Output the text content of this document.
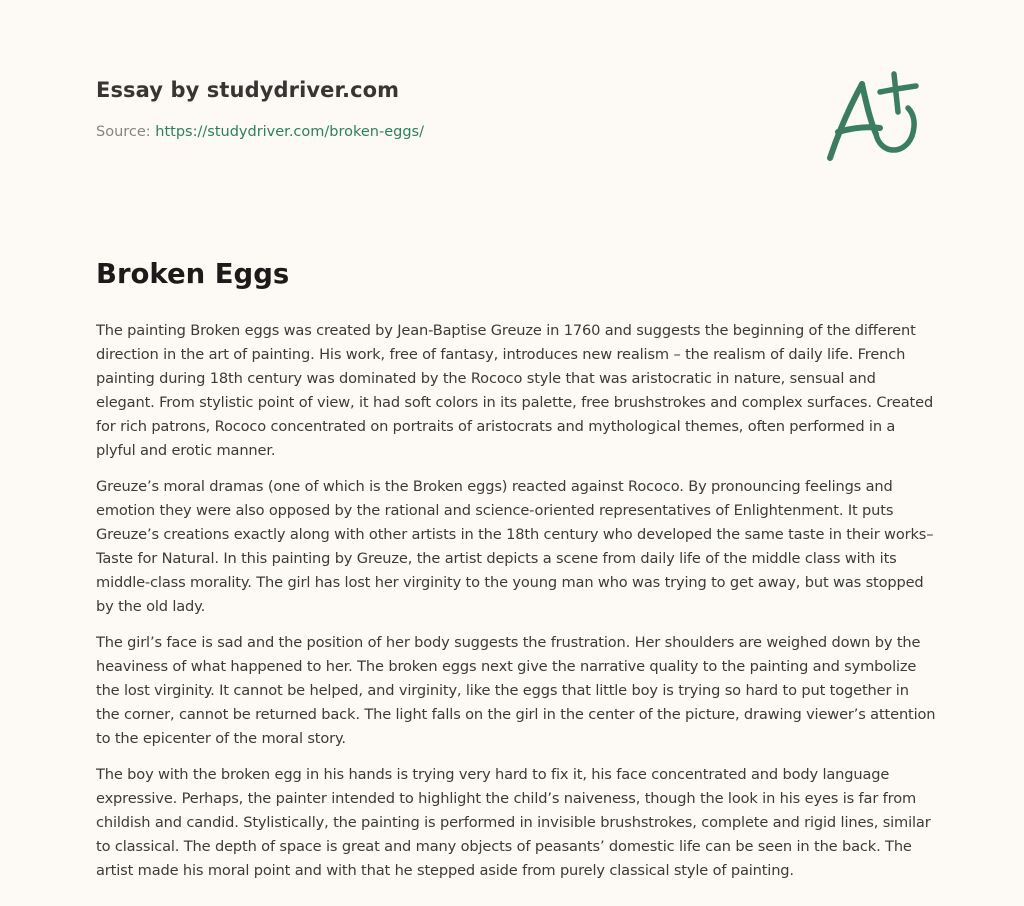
Essay by studydriver.com
Source: https://studydriver.com/broken-eggs/
Broken Eggs

The painting Broken eggs was created by Jean-Baptise Greuze in 1760 and suggests the beginning of the different direction in the art of painting. His work, free of fantasy, introduces new realism – the realism of daily life. French painting during 18th century was dominated by the Rococo style that was aristocratic in nature, sensual and elegant. From stylistic point of view, it had soft colors in its palette, free brushstrokes and complex surfaces. Created for rich patrons, Rococo concentrated on portraits of aristocrats and mythological themes, often performed in a plyful and erotic manner.

Greuze’s moral dramas (one of which is the Broken eggs) reacted against Rococo. By pronouncing feelings and emotion they were also opposed by the rational and science-oriented representatives of Enlightenment. It puts Greuze’s creations exactly along with other artists in the 18th century who developed the same taste in their works– Taste for Natural. In this painting by Greuze, the artist depicts a scene from daily life of the middle class with its middle-class morality. The girl has lost her virginity to the young man who was trying to get away, but was stopped by the old lady.

The girl’s face is sad and the position of her body suggests the frustration. Her shoulders are weighed down by the heaviness of what happened to her. The broken eggs next give the narrative quality to the painting and symbolize the lost virginity. It cannot be helped, and virginity, like the eggs that little boy is trying so hard to put together in the corner, cannot be returned back. The light falls on the girl in the center of the picture, drawing viewer’s attention to the epicenter of the moral story.

The boy with the broken egg in his hands is trying very hard to fix it, his face concentrated and body language expressive. Perhaps, the painter intended to highlight the child’s naiveness, though the look in his eyes is far from childish and candid. Stylistically, the painting is performed in invisible brushstrokes, complete and rigid lines, similar to classical. The depth of space is great and many objects of peasants’ domestic life can be seen in the back. The artist made his moral point and with that he stepped aside from purely classical style of painting.
